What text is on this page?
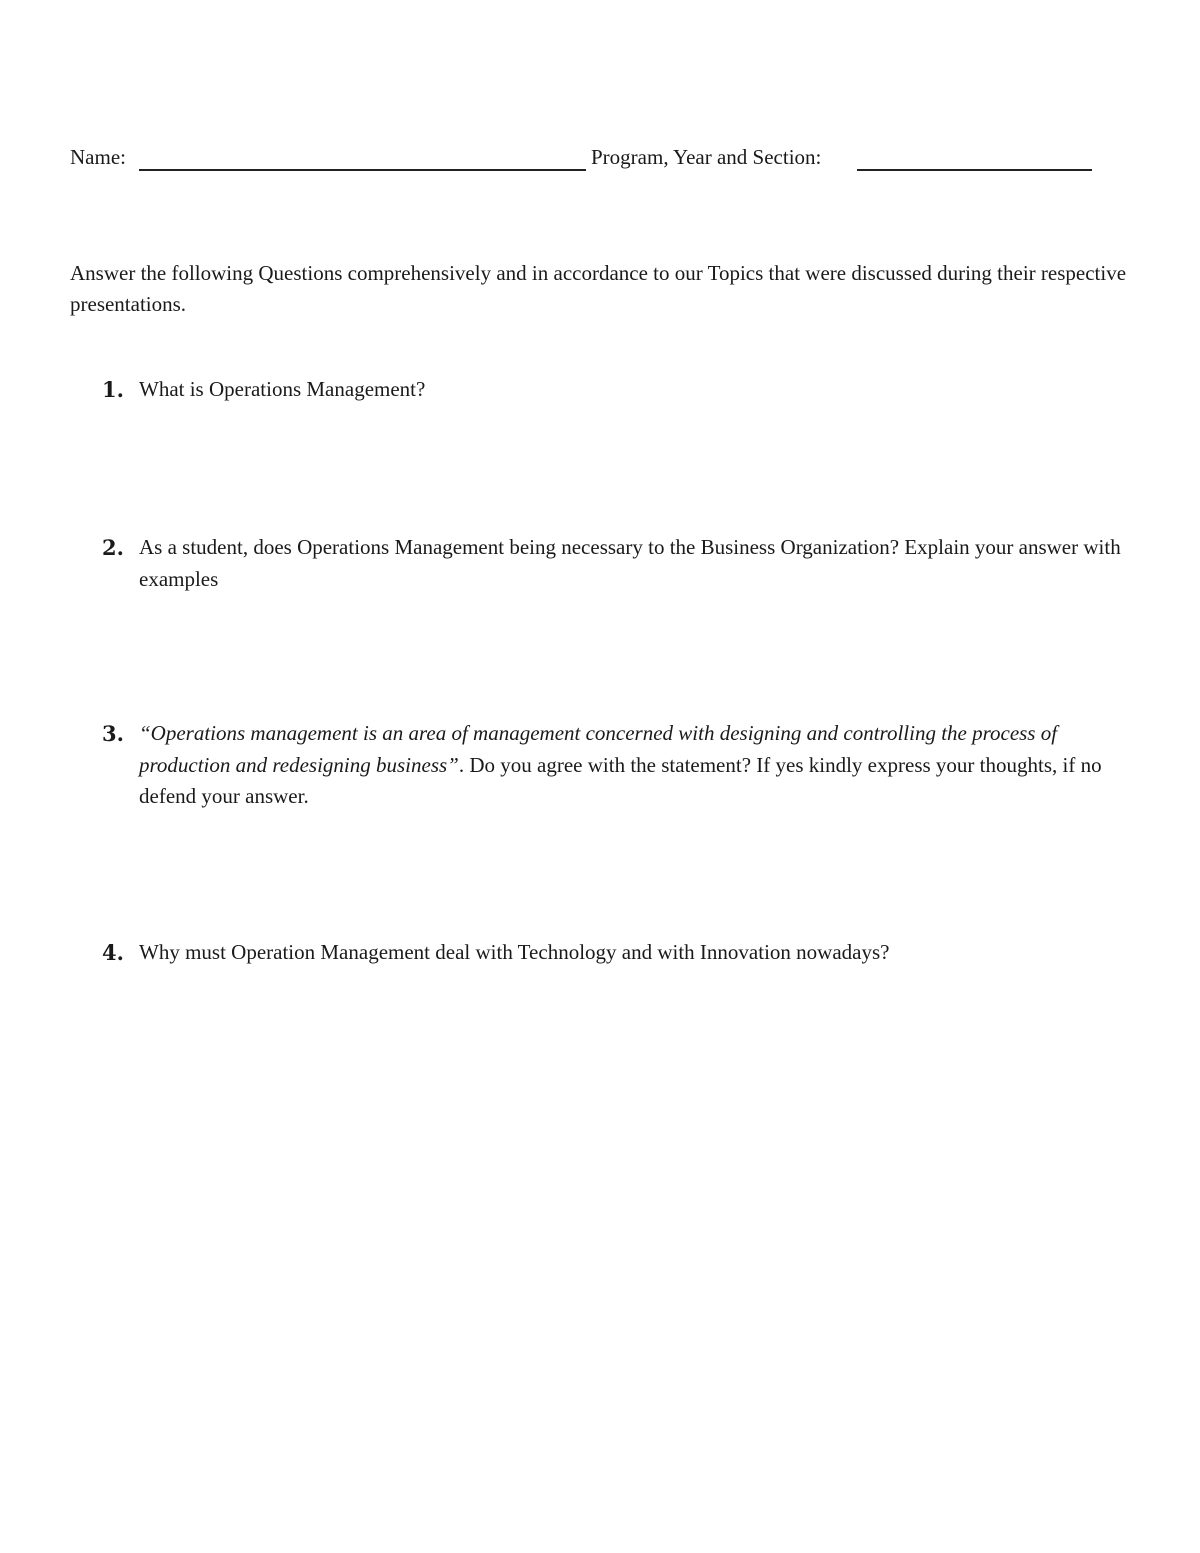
Name:	Program, Year and Section:
Answer the following Questions comprehensively and in accordance to our Topics that were discussed during their respective presentations.
1. What is Operations Management?
2. As a student, does Operations Management being necessary to the Business Organization? Explain your answer with examples
3. “Operations management is an area of management concerned with designing and controlling the process of production and redesigning business”. Do you agree with the statement? If yes kindly express your thoughts, if no defend your answer.
4. Why must Operation Management deal with Technology and with Innovation nowadays?
